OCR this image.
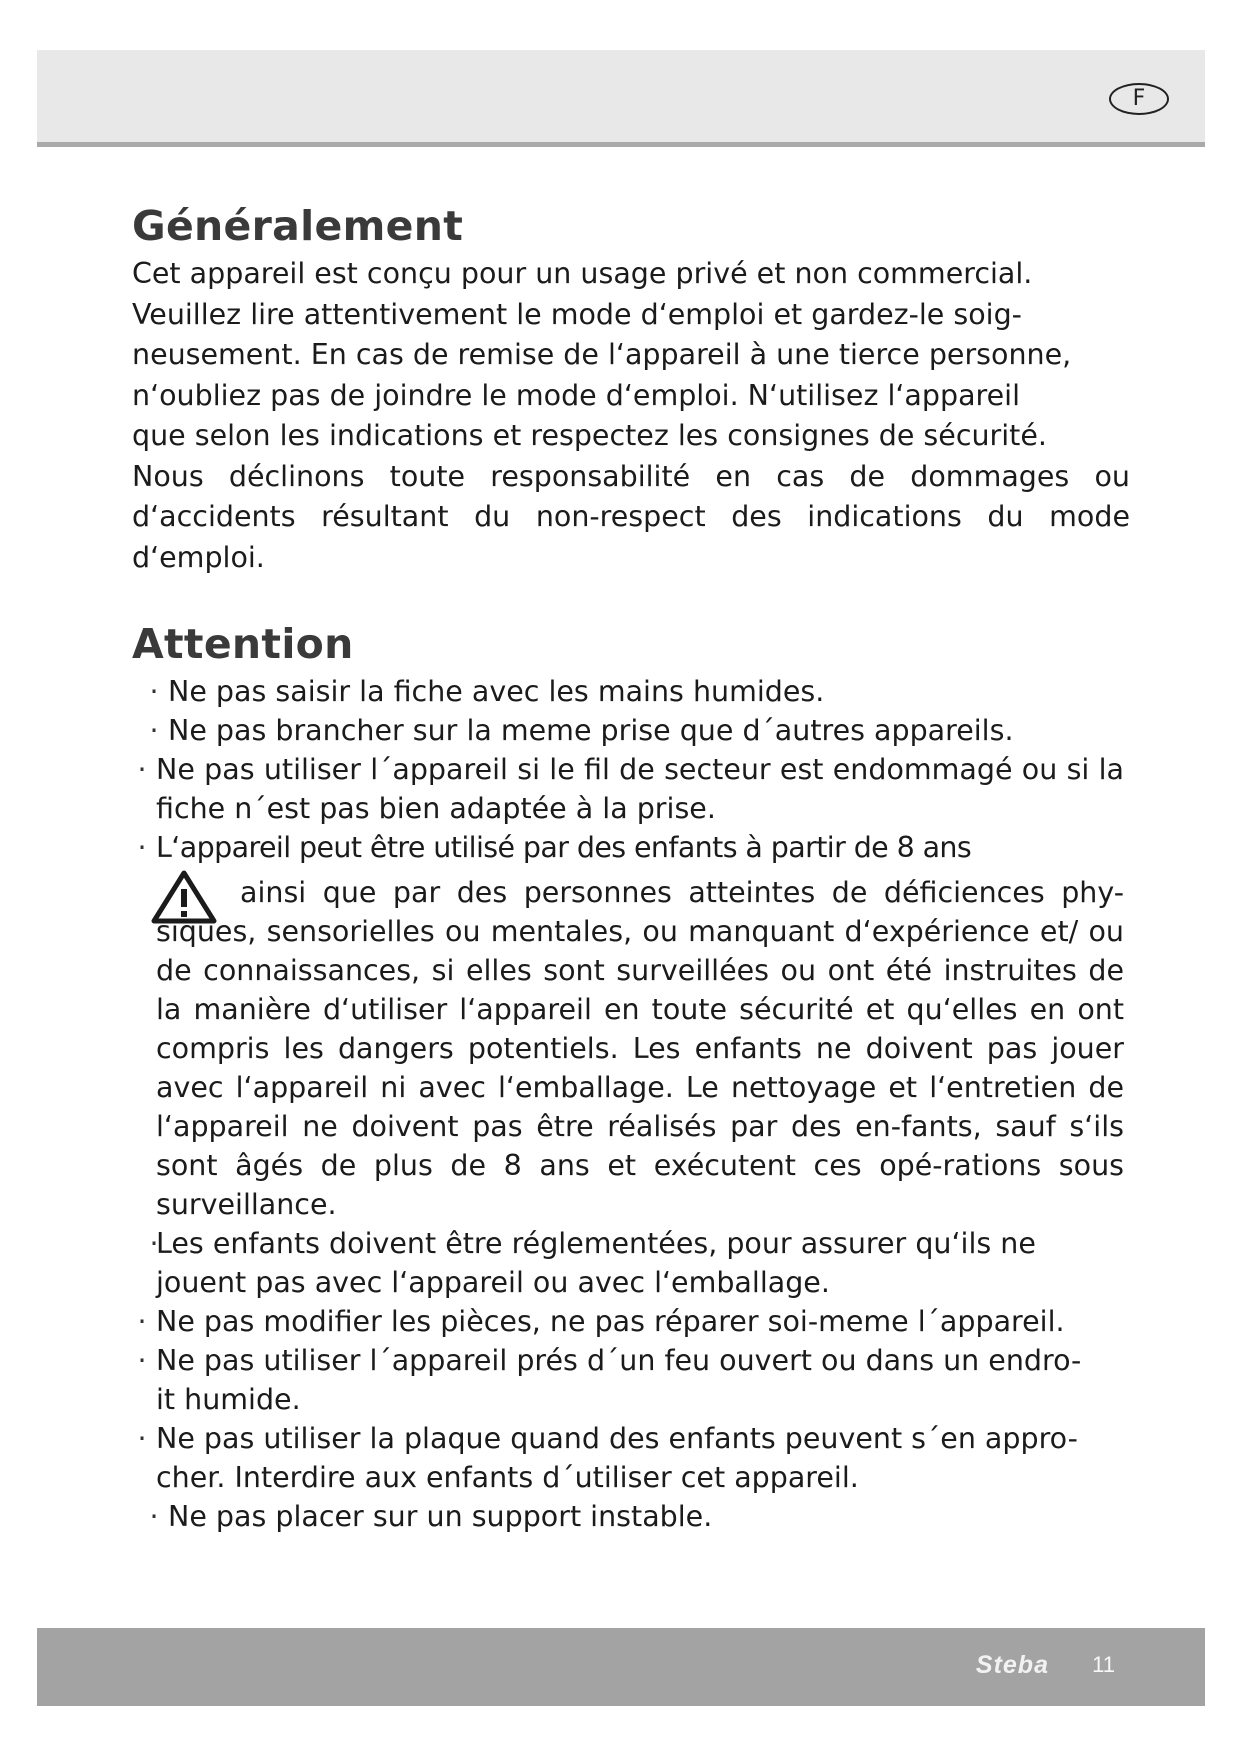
F
Généralement

Cet appareil est conçu pour un usage privé et non commercial.

Veuillez lire attentivement le mode d‘emploi et gardez-le soig-

neusement. En cas de remise de l‘appareil à une tierce personne,

n‘oubliez pas de joindre le mode d‘emploi. N‘utilisez l‘appareil

que selon les indications et respectez les consignes de sécurité.

Nous déclinons toute responsabilité en cas de dommages ou

d‘accidents résultant du non-respect des indications du mode

d‘emploi.

Attention
· Ne pas saisir la fiche avec les mains humides.
· Ne pas brancher sur la meme prise que d´autres appareils.
· Ne pas utiliser l´appareil si le fil de secteur est endommagé ou si la fiche n´est pas bien adaptée à la prise.
· L‘appareil peut être utilisé par des enfants à partir de 8 ans
ainsi que par des personnes atteintes de déficiences phy-siques, sensorielles ou mentales, ou manquant d‘expérience et/ ou de connaissances, si elles sont surveillées ou ont été instruites de la manière d‘utiliser l‘appareil en toute sécurité et qu‘elles en ont compris les dangers potentiels. Les enfants ne doivent pas jouer avec l‘appareil ni avec l‘emballage. Le nettoyage et l‘entretien de l‘appareil ne doivent pas être réalisés par des en-fants, sauf s‘ils sont âgés de plus de 8 ans et exécutent ces opé-rations sous surveillance.
·
Les enfants doivent être réglementées, pour assurer qu‘ils ne jouent pas avec l‘appareil ou avec l‘emballage.
· Ne pas modifier les pièces, ne pas réparer soi-meme l´appareil.
· Ne pas utiliser l´appareil prés d´un feu ouvert ou dans un endro-it humide.
· Ne pas utiliser la plaque quand des enfants peuvent s´en appro-cher. Interdire aux enfants d´utiliser cet appareil.
· Ne pas placer sur un support instable.
Steba 11
